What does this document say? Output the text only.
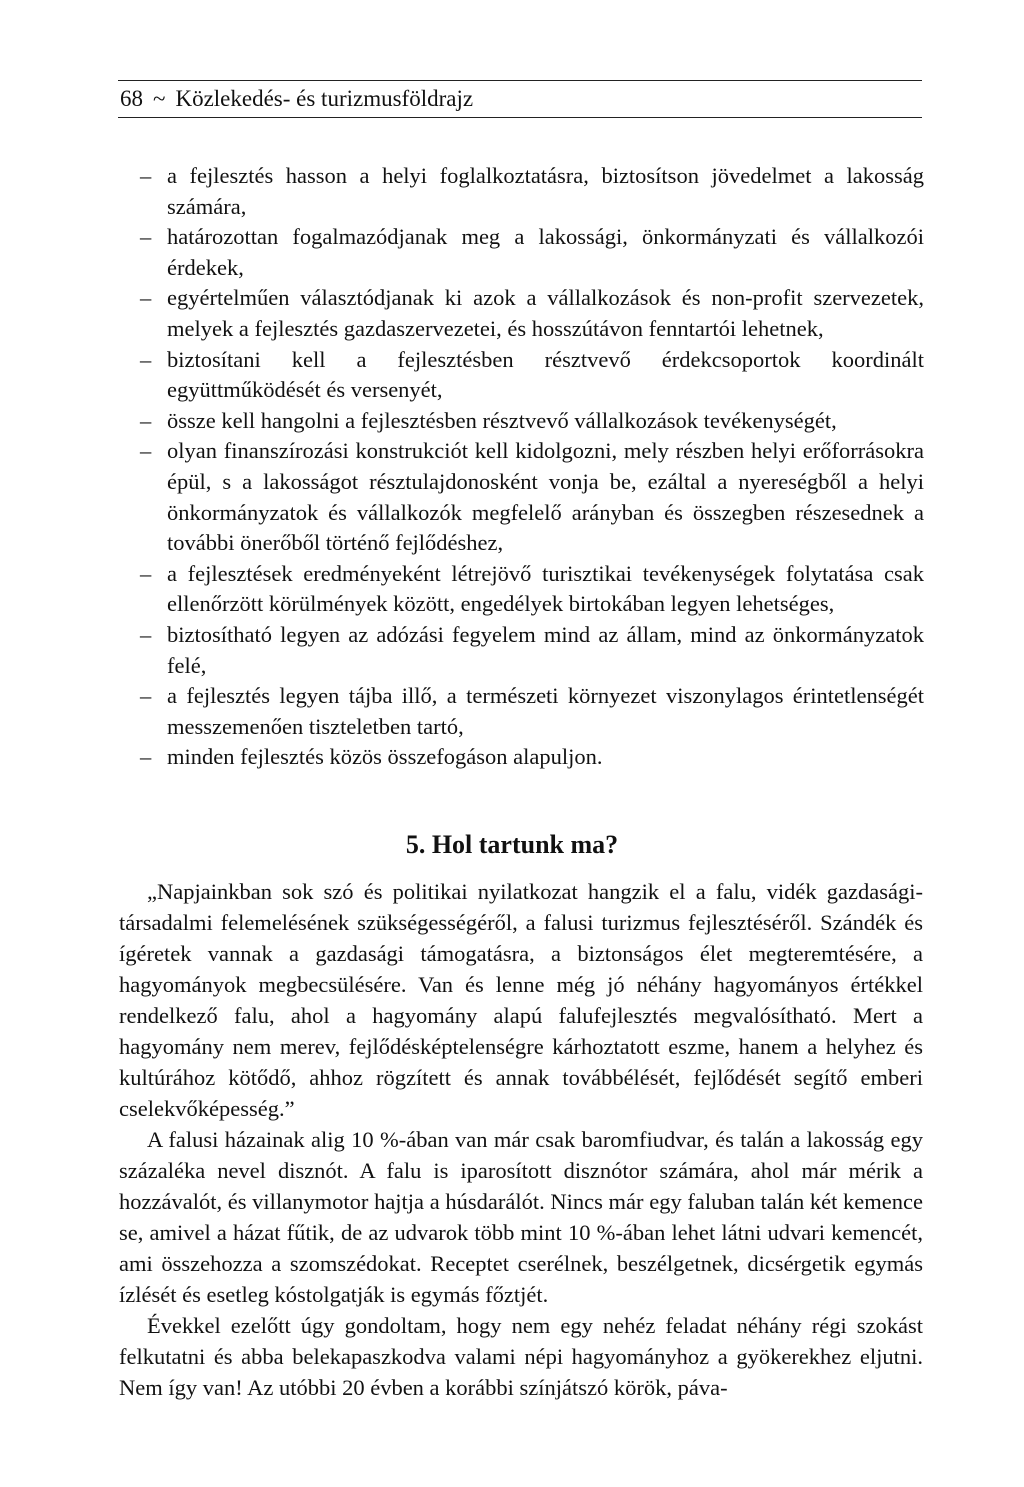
68 ~ Közlekedés- és turizmusföldrajz
– a fejlesztés hasson a helyi foglalkoztatásra, biztosítson jövedelmet a lakosság számára,
– határozottan fogalmazódjanak meg a lakossági, önkormányzati és vállalkozói érdekek,
– egyértelműen választódjanak ki azok a vállalkozások és non-profit szervezetek, melyek a fejlesztés gazdaszervezetei, és hosszútávon fenntartói lehetnek,
– biztosítani kell a fejlesztésben résztvevő érdekcsoportok koordinált együttműködését és versenyét,
– össze kell hangolni a fejlesztésben résztvevő vállalkozások tevékenységét,
– olyan finanszírozási konstrukciót kell kidolgozni, mely részben helyi erőforrásokra épül, s a lakosságot résztulajdonosként vonja be, ezáltal a nyereségből a helyi önkormányzatok és vállalkozók megfelelő arányban és összegben részesednek a további önerőből történő fejlődéshez,
– a fejlesztések eredményeként létrejövő turisztikai tevékenységek folytatása csak ellenőrzött körülmények között, engedélyek birtokában legyen lehetséges,
– biztosítható legyen az adózási fegyelem mind az állam, mind az önkormányzatok felé,
– a fejlesztés legyen tájba illő, a természeti környezet viszonylagos érintetlenségét messzemenően tiszteletben tartó,
– minden fejlesztés közös összefogáson alapuljon.
5. Hol tartunk ma?

„Napjainkban sok szó és politikai nyilatkozat hangzik el a falu, vidék gazdasági-társadalmi felemelésének szükségességéről, a falusi turizmus fejlesztéséről. Szándék és ígéretek vannak a gazdasági támogatásra, a biztonságos élet megteremtésére, a hagyományok megbecsülésére. Van és lenne még jó néhány hagyományos értékkel rendelkező falu, ahol a hagyomány alapú falufejlesztés megvalósítható. Mert a hagyomány nem merev, fejlődésképtelenségre kárhoztatott eszme, hanem a helyhez és kultúrához kötődő, ahhoz rögzített és annak továbbélését, fejlődését segítő emberi cselekvőképesség.”

A falusi házainak alig 10 %-ában van már csak baromfiudvar, és talán a lakosság egy százaléka nevel disznót. A falu is iparosított disznótor számára, ahol már mérik a hozzávalót, és villanymotor hajtja a húsdarálót. Nincs már egy faluban talán két kemence se, amivel a házat fűtik, de az udvarok több mint 10 %-ában lehet látni udvari kemencét, ami összehozza a szomszédokat. Receptet cserélnek, beszélgetnek, dicsérgetik egymás ízlését és esetleg kóstolgatják is egymás főztjét.

Évekkel ezelőtt úgy gondoltam, hogy nem egy nehéz feladat néhány régi szokást felkutatni és abba belekapaszkodva valami népi hagyományhoz a gyökerekhez eljutni. Nem így van! Az utóbbi 20 évben a korábbi színjátszó körök, páva-
